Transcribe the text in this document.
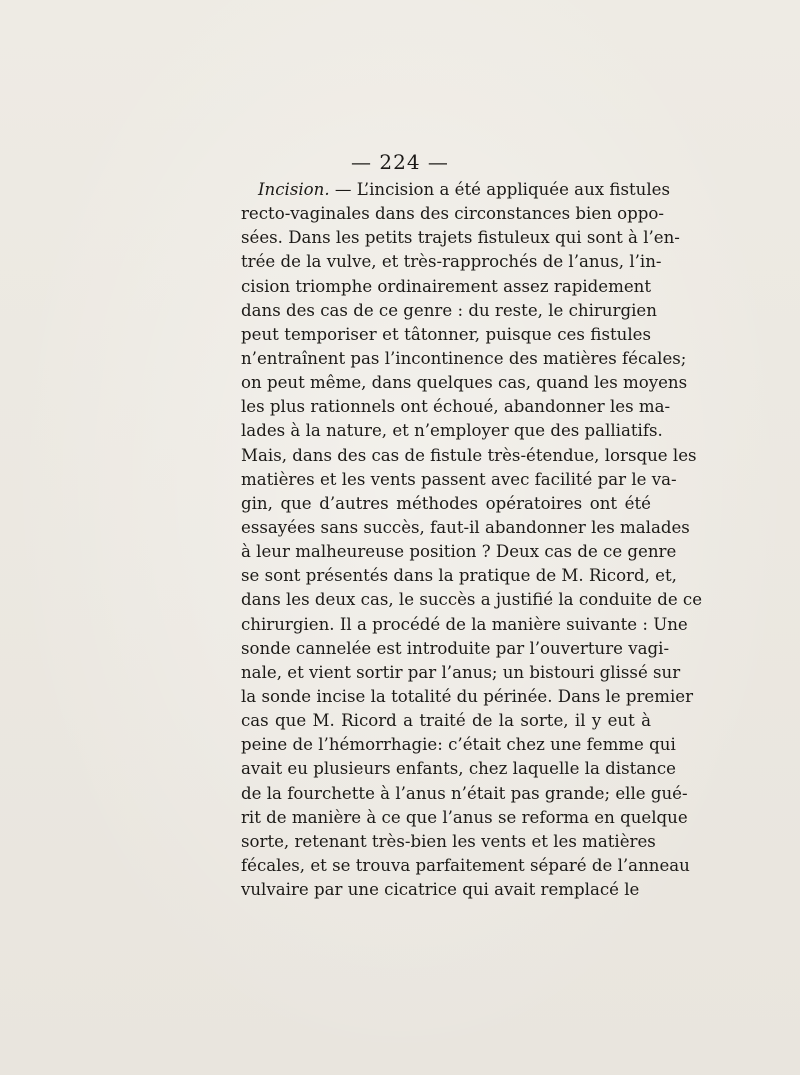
— 224 —
Incision. — L’incision a été appliquée aux fistules
recto-vaginales dans des circonstances bien oppo-
sées. Dans les petits trajets fistuleux qui sont à l’en-
trée de la vulve, et très-rapprochés de l’anus, l’in-
cision triomphe ordinairement assez rapidement
dans des cas de ce genre : du reste, le chirurgien
peut temporiser et tâtonner, puisque ces fistules
n’entraînent pas l’incontinence des matières fécales;
on peut même, dans quelques cas, quand les moyens
les plus rationnels ont échoué, abandonner les ma-
lades à la nature, et n’employer que des palliatifs.
Mais, dans des cas de fistule très-étendue, lorsque les
matières et les vents passent avec facilité par le va-
gin, que d’autres méthodes opératoires ont été
essayées sans succès, faut-il abandonner les malades
à leur malheureuse position ? Deux cas de ce genre
se sont présentés dans la pratique de M. Ricord, et,
dans les deux cas, le succès a justifié la conduite de ce
chirurgien. Il a procédé de la manière suivante : Une
sonde cannelée est introduite par l’ouverture vagi-
nale, et vient sortir par l’anus; un bistouri glissé sur
la sonde incise la totalité du périnée. Dans le premier
cas que M. Ricord a traité de la sorte, il y eut à
peine de l’hémorrhagie: c’était chez une femme qui
avait eu plusieurs enfants, chez laquelle la distance
de la fourchette à l’anus n’était pas grande; elle gué-
rit de manière à ce que l’anus se reforma en quelque
sorte, retenant très-bien les vents et les matières
fécales, et se trouva parfaitement séparé de l’anneau
vulvaire par une cicatrice qui avait remplacé le
